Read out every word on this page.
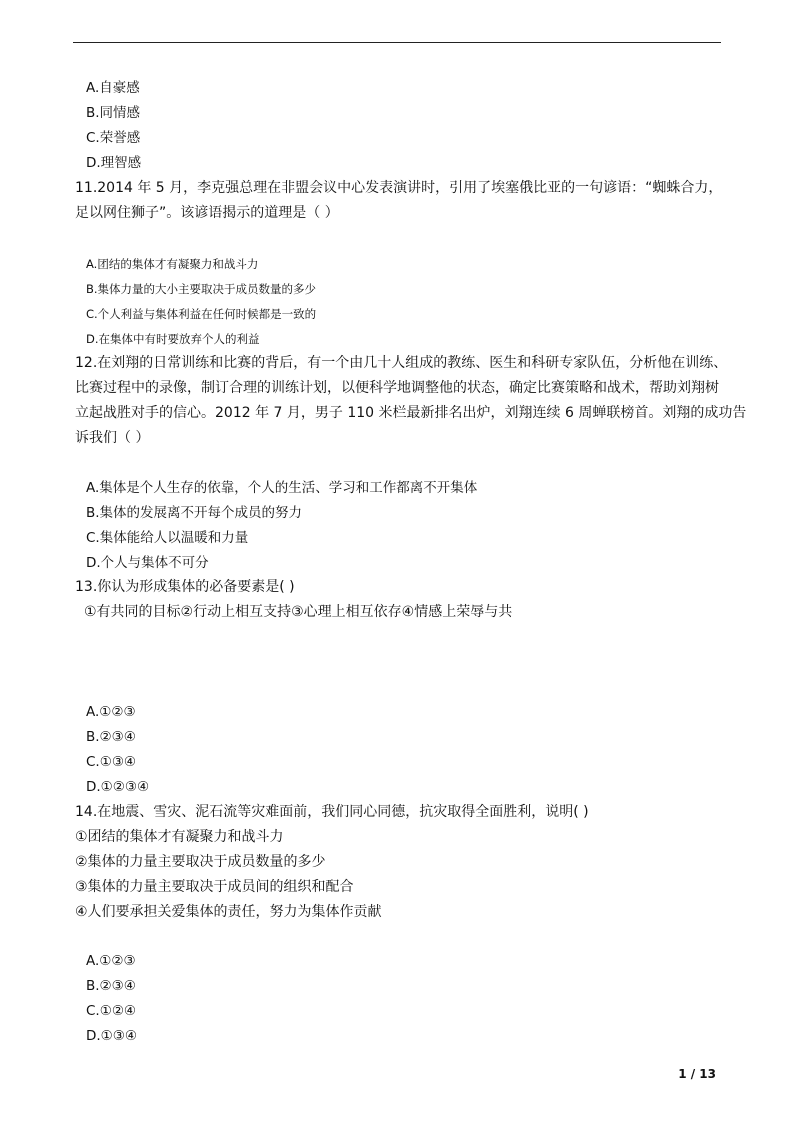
A.自豪感
B.同情感
C.荣誉感
D.理智感
11.2014 年 5 月，李克强总理在非盟会议中心发表演讲时，引用了埃塞俄比亚的一句谚语：“蜘蛛合力，
足以网住狮子”。该谚语揭示的道理是（ ）
A.团结的集体才有凝聚力和战斗力
B.集体力量的大小主要取决于成员数量的多少
C.个人利益与集体利益在任何时候都是一致的
D.在集体中有时要放弃个人的利益
12.在刘翔的日常训练和比赛的背后，有一个由几十人组成的教练、医生和科研专家队伍，分析他在训练、
比赛过程中的录像，制订合理的训练计划，以便科学地调整他的状态，确定比赛策略和战术，帮助刘翔树
立起战胜对手的信心。2012 年 7 月，男子 110 米栏最新排名出炉，刘翔连续 6 周蝉联榜首。刘翔的成功告
诉我们（ ）
A.集体是个人生存的依靠，个人的生活、学习和工作都离不开集体
B.集体的发展离不开每个成员的努力
C.集体能给人以温暖和力量
D.个人与集体不可分
13.你认为形成集体的必备要素是( )
①有共同的目标②行动上相互支持③心理上相互依存④情感上荣辱与共
A.①②③
B.②③④
C.①③④
D.①②③④
14.在地震、雪灾、泥石流等灾难面前，我们同心同德，抗灾取得全面胜利，说明( )
①团结的集体才有凝聚力和战斗力
②集体的力量主要取决于成员数量的多少
③集体的力量主要取决于成员间的组织和配合
④人们要承担关爱集体的责任，努力为集体作贡献
A.①②③
B.②③④
C.①②④
D.①③④
1 / 13
